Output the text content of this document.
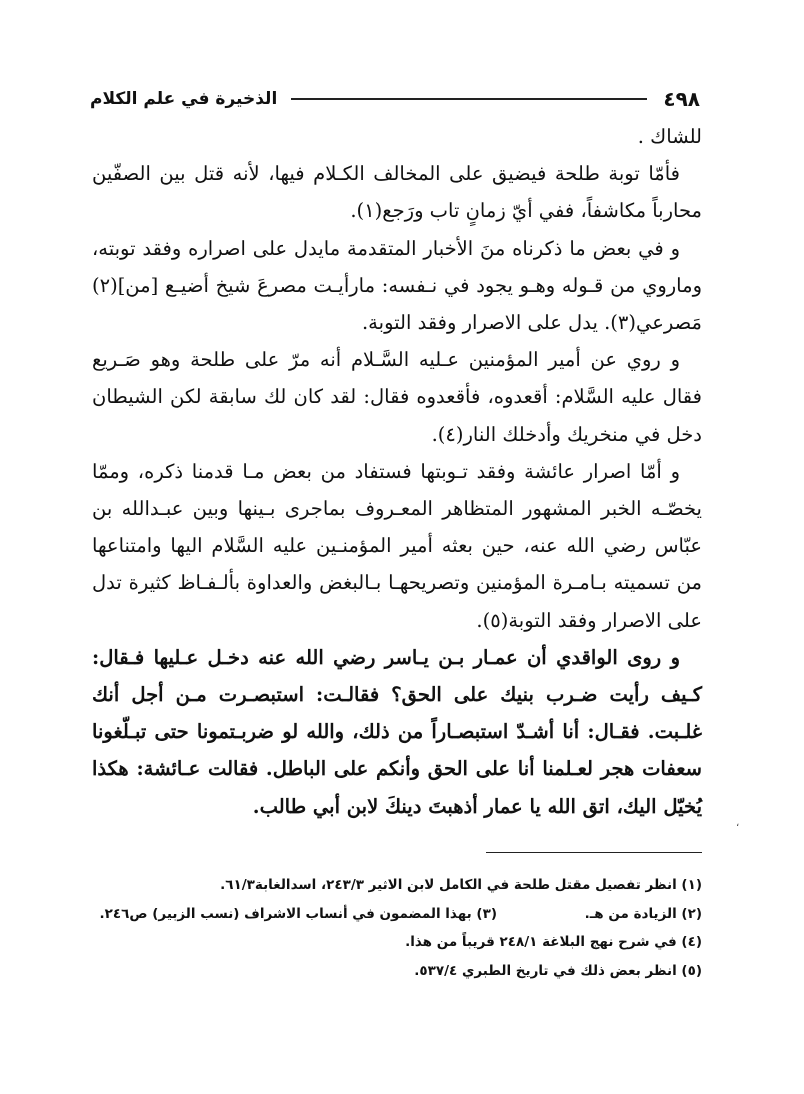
٤٩٨
الذخيرة في علم الكلام

للشاك .

فأمّا توبة طلحة فيضيق على المخالف الكـلام فيها، لأنه قتل بين الصفّين محارباً مكاشفاً، ففي أيّ زمانٍ تاب ورَجع(١).

و في بعض ما ذكرناه منَ الأخبار المتقدمة مايدل على اصراره وفقد توبته، وماروي من قـوله وهـو يجود في نـفسه: مارأيـت مصرعَ شيخ أضيـع [من](٢) مَصرعي(٣). يدل على الاصرار وفقد التوبة.

و روي عن أمير المؤمنين عـليه السَّـلام أنه مرّ على طلحة وهو صَـريع فقال عليه السَّلام: أقعدوه، فأقعدوه فقال: لقد كان لك سابقة لكن الشيطان دخل في منخريك وأدخلك النار(٤).

و أمّا اصرار عائشة وفقد تـوبتها فستفاد من بعض مـا قدمنا ذكره، وممّا يخصّـه الخبر المشهور المتظاهر المعـروف بماجرى بـينها وبين عبـدالله بن عبّاس رضي الله عنه، حين بعثه أمير المؤمنـين عليه السَّلام اليها وامتناعها من تسميته بـامـرة المؤمنين وتصريحهـا بـالبغض والعداوة بألـفـاظ كثيرة تدل على الاصرار وفقد التوبة(٥).

و روى الواقدي أن عمـار بـن يـاسر رضي الله عنه دخـل عـليها فـقال: كـيف رأيت ضـرب بنيك على الحق؟ فقالـت: استبصـرت مـن أجل أنك غلـبت. فقـال: أنا أشـدّ استبصـاراً من ذلك، والله لو ضربـتمونا حتى تبـلّغونا سعفات هجر لعـلمنا أنا على الحق وأنكم على الباطل. فقالت عـائشة: هكذا يُخيّل اليك، اتق الله يا عمار أذهبتَ دينكَ لابن أبي طالب.

،
(١) انظر تفصيل مقتل طلحة في الكامل لابن الاثير ٢٤٣/٣، اسدالغابة٦١/٣.
(٢) الزيادة من هـ.
(٣) بهذا المضمون في أنساب الاشراف (نسب الزبير) ص٢٤٦.
(٤) في شرح نهج البلاغة ٢٤٨/١ قريباً من هذا.
(٥) انظر بعض ذلك في تاريخ الطبري ٥٣٧/٤.
